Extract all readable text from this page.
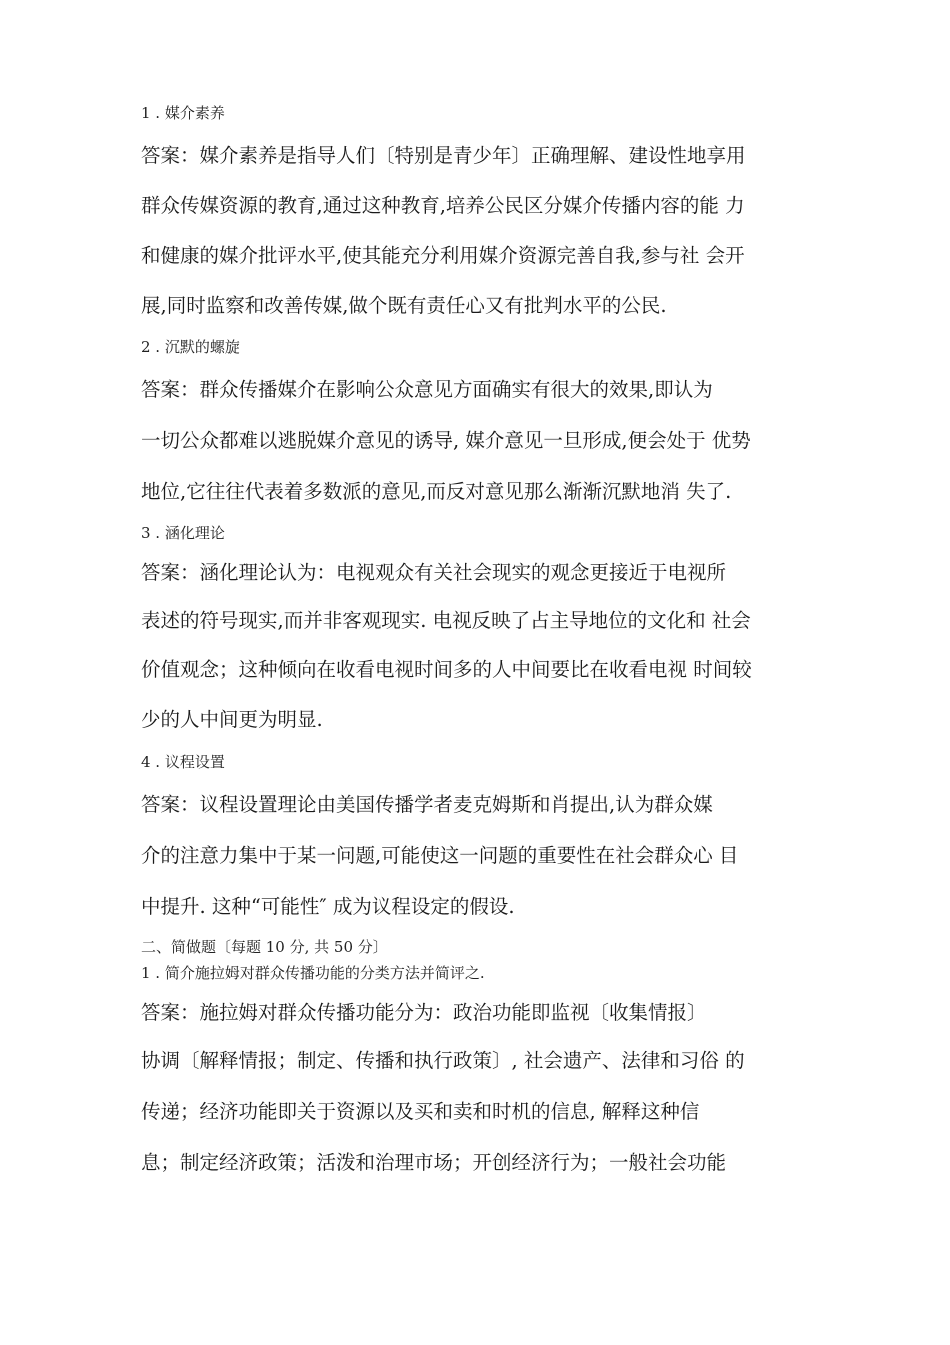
1 . 媒介素养
答案：媒介素养是指导人们〔特别是青少年〕正确理解、建设性地享用
群众传媒资源的教育,通过这种教育,培养公民区分媒介传播内容的能 力
和健康的媒介批评水平,使其能充分利用媒介资源完善自我,参与社 会开
展,同时监察和改善传媒,做个既有责任心又有批判水平的公民.
2 . 沉默的螺旋
答案：群众传播媒介在影响公众意见方面确实有很大的效果,即认为
一切公众都难以逃脱媒介意见的诱导, 媒介意见一旦形成,便会处于 优势
地位,它往往代表着多数派的意见,而反对意见那么渐渐沉默地消 失了.
3 . 涵化理论
答案：涵化理论认为：电视观众有关社会现实的观念更接近于电视所
表述的符号现实,而并非客观现实. 电视反映了占主导地位的文化和 社会
价值观念；这种倾向在收看电视时间多的人中间要比在收看电视 时间较
少的人中间更为明显.
4 . 议程设置
答案：议程设置理论由美国传播学者麦克姆斯和肖提出,认为群众媒
介的注意力集中于某一问题,可能使这一问题的重要性在社会群众心 目
中提升. 这种“可能性″ 成为议程设定的假设.
二、简做题〔每题 10 分, 共 50 分〕
1 . 简介施拉姆对群众传播功能的分类方法并简评之.
答案：施拉姆对群众传播功能分为：政治功能即监视〔收集情报〕
协调〔解释情报；制定、传播和执行政策〕, 社会遗产、法律和习俗 的
传递；经济功能即关于资源以及买和卖和时机的信息, 解释这种信
息；制定经济政策；活泼和治理市场；开创经济行为；一般社会功能
